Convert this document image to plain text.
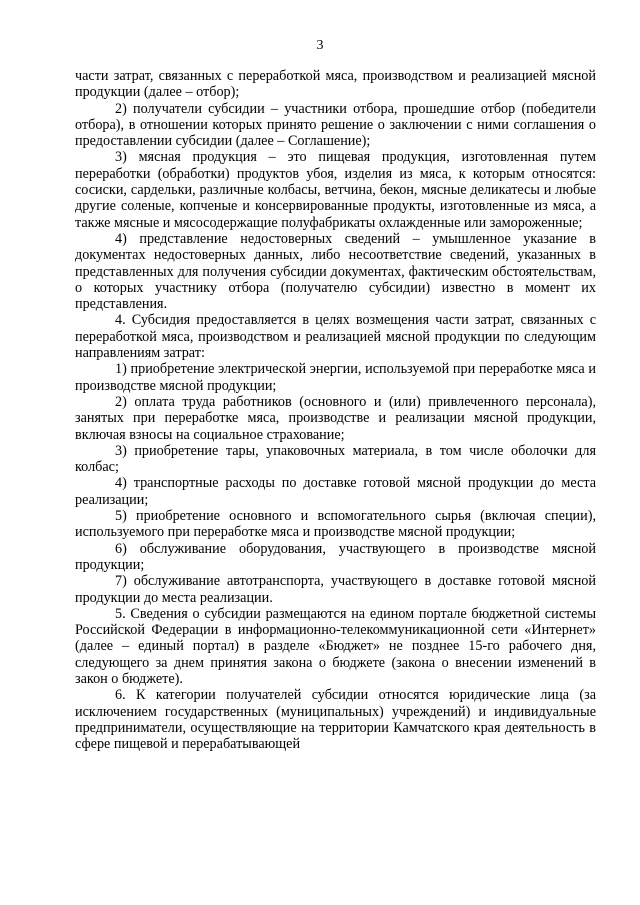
3

части затрат, связанных с переработкой мяса, производством и реализацией мясной продукции (далее – отбор);

2) получатели субсидии – участники отбора, прошедшие отбор (победители отбора), в отношении которых принято решение о заключении с ними соглашения о предоставлении субсидии (далее – Соглашение);

3) мясная продукция – это пищевая продукция, изготовленная путем переработки (обработки) продуктов убоя, изделия из мяса, к которым относятся: сосиски, сардельки, различные колбасы, ветчина, бекон, мясные деликатесы и любые другие соленые, копченые и консервированные продукты, изготовленные из мяса, а также мясные и мясосодержащие полуфабрикаты охлажденные или замороженные;

4) представление недостоверных сведений – умышленное указание в документах недостоверных данных, либо несоответствие сведений, указанных в представленных для получения субсидии документах, фактическим обстоятельствам, о которых участнику отбора (получателю субсидии) известно в момент их представления.

4. Субсидия предоставляется в целях возмещения части затрат, связанных с переработкой мяса, производством и реализацией мясной продукции по следующим направлениям затрат:

1) приобретение электрической энергии, используемой при переработке мяса и производстве мясной продукции;

2) оплата труда работников (основного и (или) привлеченного персонала), занятых при переработке мяса, производстве и реализации мясной продукции, включая взносы на социальное страхование;

3) приобретение тары, упаковочных материала, в том числе оболочки для колбас;

4) транспортные расходы по доставке готовой мясной продукции до места реализации;

5) приобретение основного и вспомогательного сырья (включая специи), используемого при переработке мяса и производстве мясной продукции;

6) обслуживание оборудования, участвующего в производстве мясной продукции;

7) обслуживание автотранспорта, участвующего в доставке готовой мясной продукции до места реализации.

5. Сведения о субсидии размещаются на едином портале бюджетной системы Российской Федерации в информационно-телекоммуникационной сети «Интернет» (далее – единый портал) в разделе «Бюджет» не позднее 15-го рабочего дня, следующего за днем принятия закона о бюджете (закона о внесении изменений в закон о бюджете).

6. К категории получателей субсидии относятся юридические лица (за исключением государственных (муниципальных) учреждений) и индивидуальные предприниматели, осуществляющие на территории Камчатского края деятельность в сфере пищевой и перерабатывающей
